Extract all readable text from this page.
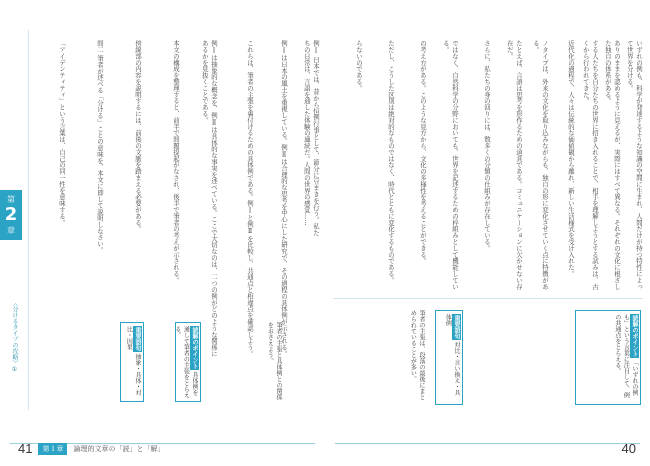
第
2
章
〈分けるタイプの攻略〉①
「アイデンティティ」という言葉は、自己の同一性を意味する。	問二 筆者が述べる「分ける」ことの意味を、本文に即して説明しなさい。	傍線部の内容を説明するには、前後の文脈を踏まえる必要がある。	本文の構成を整理すると、前半で問題提起がなされ、後半で筆者の考えが示される。	例Ⅰは抽象的な概念を、例Ⅱは具体的な事実を述べている。ここで大切なのは、二つの例がどのような関係にあるかを見抜くことである。	これらは、筆者の主張を裏付けるための具体例である。例Ⅰと例Ⅱを比較し、共通点と相違点を確認しよう。	例Ⅰは日本の風土を重視している。例Ⅱは合理的な思考を中心にした研究で、その過程の具体例が示される。	例Ⅰ 日本では、昔から恒例行事として、節分に豆まきを行う。私たちの日常は、言語を通した体験の連続だ。人間の世界の感覚……
重要語句 抽象・具体・対比・因果	読解のポイント 具体例を通して筆者の主張をとらえる。	筆者の主張と具体例との関係をおさえよう。
41	第１章	論理的文章の「読」と「解」
らないのである。	ただし、こうした区別は絶対的なものではなく、時代とともに変化するものである。	の考え方がある。このような見方から、文化の多様性を考えることができる。	ではなく、自然科学の分野においても、世界を記述するための枠組みとして機能している。	さらに、私たちの身の回りには、数多くの分類の仕組みが存在している。	たとえば、言語は思考を形作るための道具である。コミュニケーションに欠かせない存在だ。	ノタイプは、外来の文化を取り込みながらも、独自の形に変化させていく点に特徴がある。	近代化の過程で、人々は伝統的な価値観から離れ、新しい生活様式を受け入れた。	する人たちを自分たちの世界に招き入れることで、相手を理解しようとする試みは、古くから行われてきた。	ありのままを認めるように見えるが、実際にはすべて異なる。それぞれの文化に根ざした独自の体系がある。	いずれの例も、科学が発達するような知識の空間に生まれ、人間だけが持つ特性によって世界を分ける。
筆者の主張は、段落の最後にまとめられていることが多い。	重要語句 対比・言い換え・具体例	読解のポイント 「いずれの例も」という言葉に注目して、例の共通点をとらえる。
40
